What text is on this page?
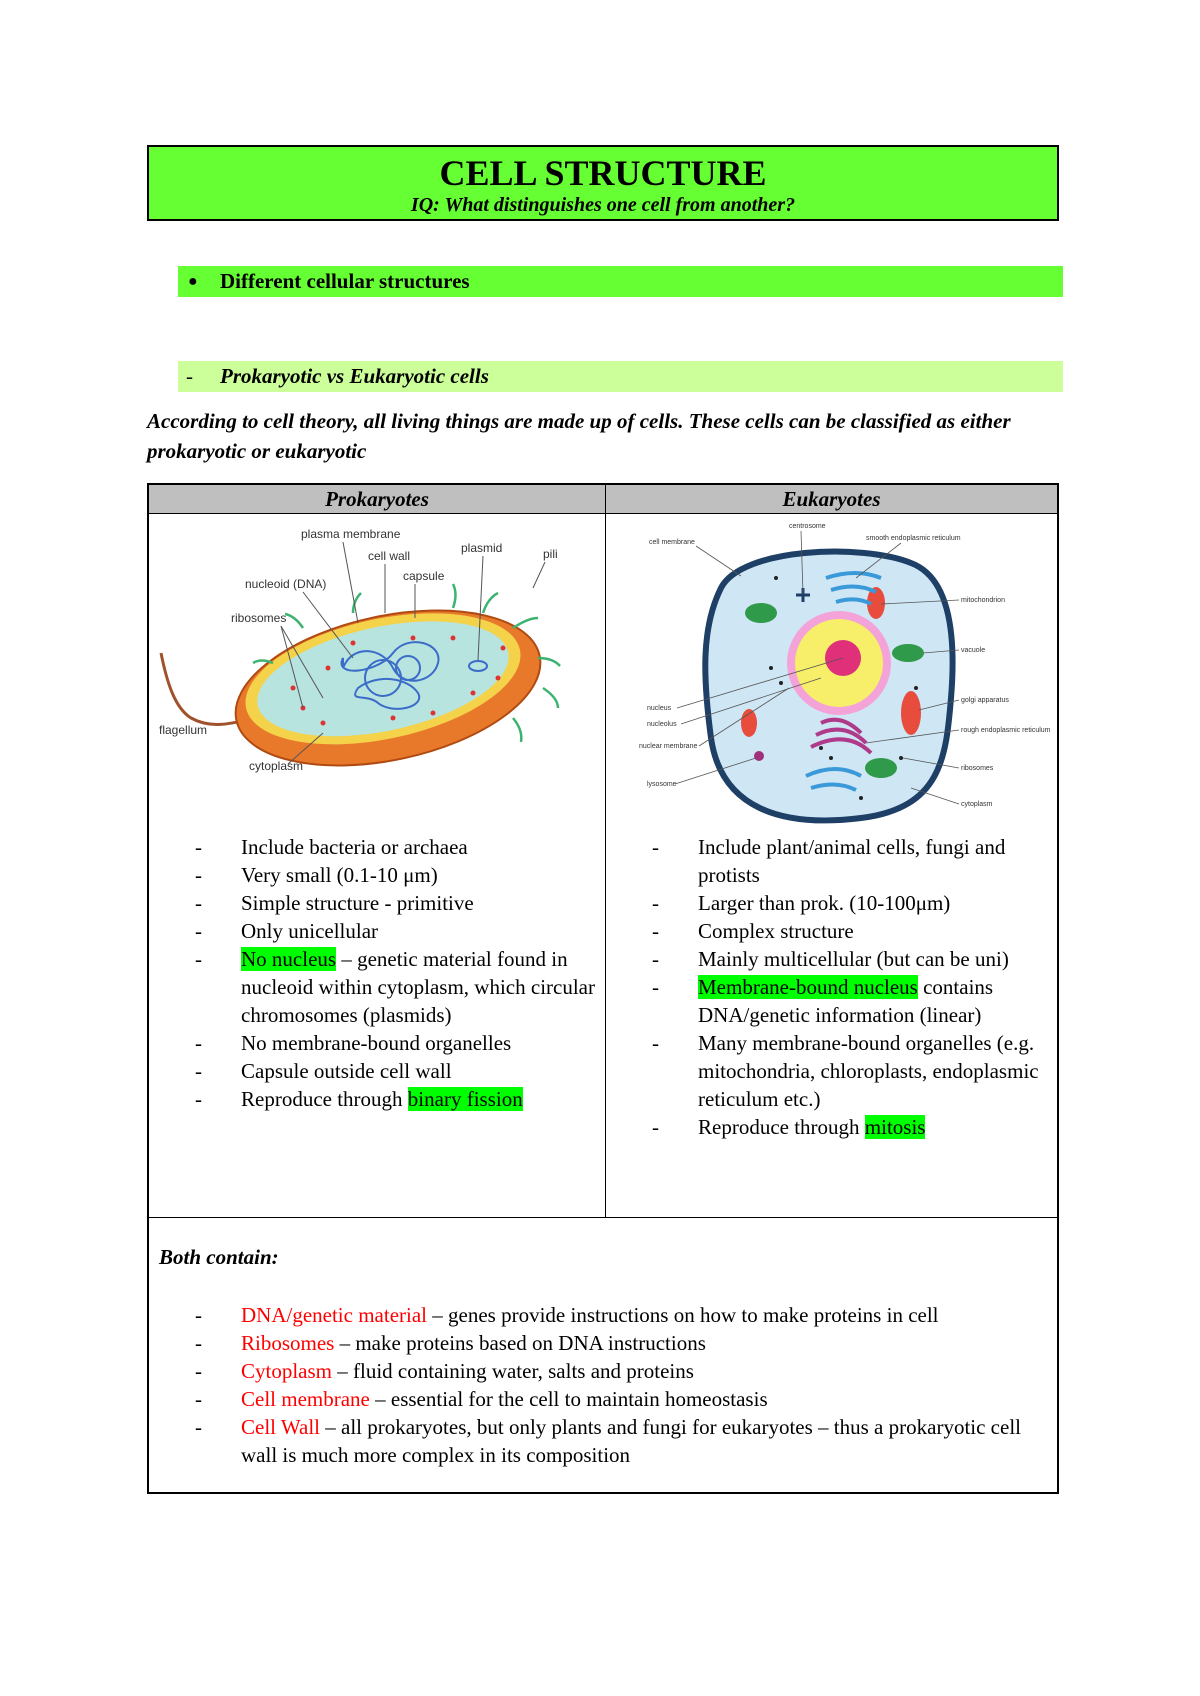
CELL STRUCTURE
IQ: What distinguishes one cell from another?
● Different cellular structures
- Prokaryotic vs Eukaryotic cells
According to cell theory, all living things are made up of cells. These cells can be classified as either prokaryotic or eukaryotic
Prokaryotes	Eukaryotes
plasma membrane
cell wall
plasmid	pili
capsule
nucleoid (DNA)
ribosomes
flagellum
cytoplasm
centrosome
smooth endoplasmic reticulum
cell membrane
mitochondrion
vacuole
golgi apparatus
rough endoplasmic reticulum
ribosomes
cytoplasm
nucleus
nucleolus
nuclear membrane
lysosome
- Include bacteria or archaea
- Very small (0.1-10 μm)
- Simple structure - primitive
- Only unicellular
- No nucleus – genetic material found in nucleoid within cytoplasm, which circular chromosomes (plasmids)
- No membrane-bound organelles
- Capsule outside cell wall
- Reproduce through binary fission
- Include plant/animal cells, fungi and protists
- Larger than prok. (10-100μm)
- Complex structure
- Mainly multicellular (but can be uni)
- Membrane-bound nucleus contains DNA/genetic information (linear)
- Many membrane-bound organelles (e.g. mitochondria, chloroplasts, endoplasmic reticulum etc.)
- Reproduce through mitosis
Both contain:
- DNA/genetic material – genes provide instructions on how to make proteins in cell
- Ribosomes – make proteins based on DNA instructions
- Cytoplasm – fluid containing water, salts and proteins
- Cell membrane – essential for the cell to maintain homeostasis
- Cell Wall – all prokaryotes, but only plants and fungi for eukaryotes – thus a prokaryotic cell wall is much more complex in its composition
